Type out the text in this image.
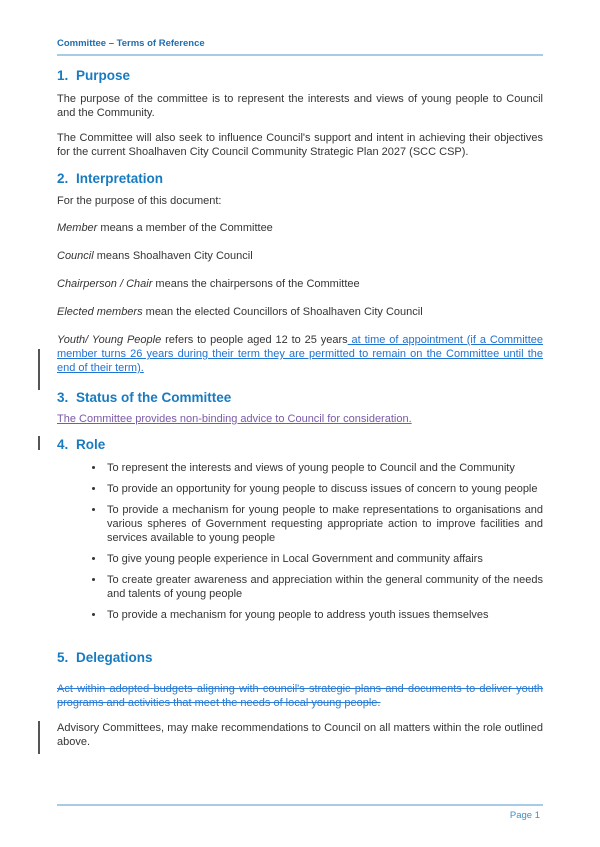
Committee – Terms of Reference
1. Purpose

The purpose of the committee is to represent the interests and views of young people to Council and the Community.

The Committee will also seek to influence Council's support and intent in achieving their objectives for the current Shoalhaven City Council Community Strategic Plan 2027 (SCC CSP).

2. Interpretation

For the purpose of this document:

Member means a member of the Committee

Council means Shoalhaven City Council

Chairperson / Chair means the chairpersons of the Committee

Elected members mean the elected Councillors of Shoalhaven City Council

Youth/ Young People refers to people aged 12 to 25 years at time of appointment (if a Committee member turns 26 years during their term they are permitted to remain on the Committee until the end of their term).

3. Status of the Committee

The Committee provides non-binding advice to Council for consideration.

4. Role
• To represent the interests and views of young people to Council and the Community
• To provide an opportunity for young people to discuss issues of concern to young people
• To provide a mechanism for young people to make representations to organisations and various spheres of Government requesting appropriate action to improve facilities and services available to young people
• To give young people experience in Local Government and community affairs
• To create greater awareness and appreciation within the general community of the needs and talents of young people
• To provide a mechanism for young people to address youth issues themselves
5. Delegations

Act within adopted budgets aligning with council's strategic plans and documents to deliver youth programs and activities that meet the needs of local young people.

Advisory Committees, may make recommendations to Council on all matters within the role outlined above.

Page 1
